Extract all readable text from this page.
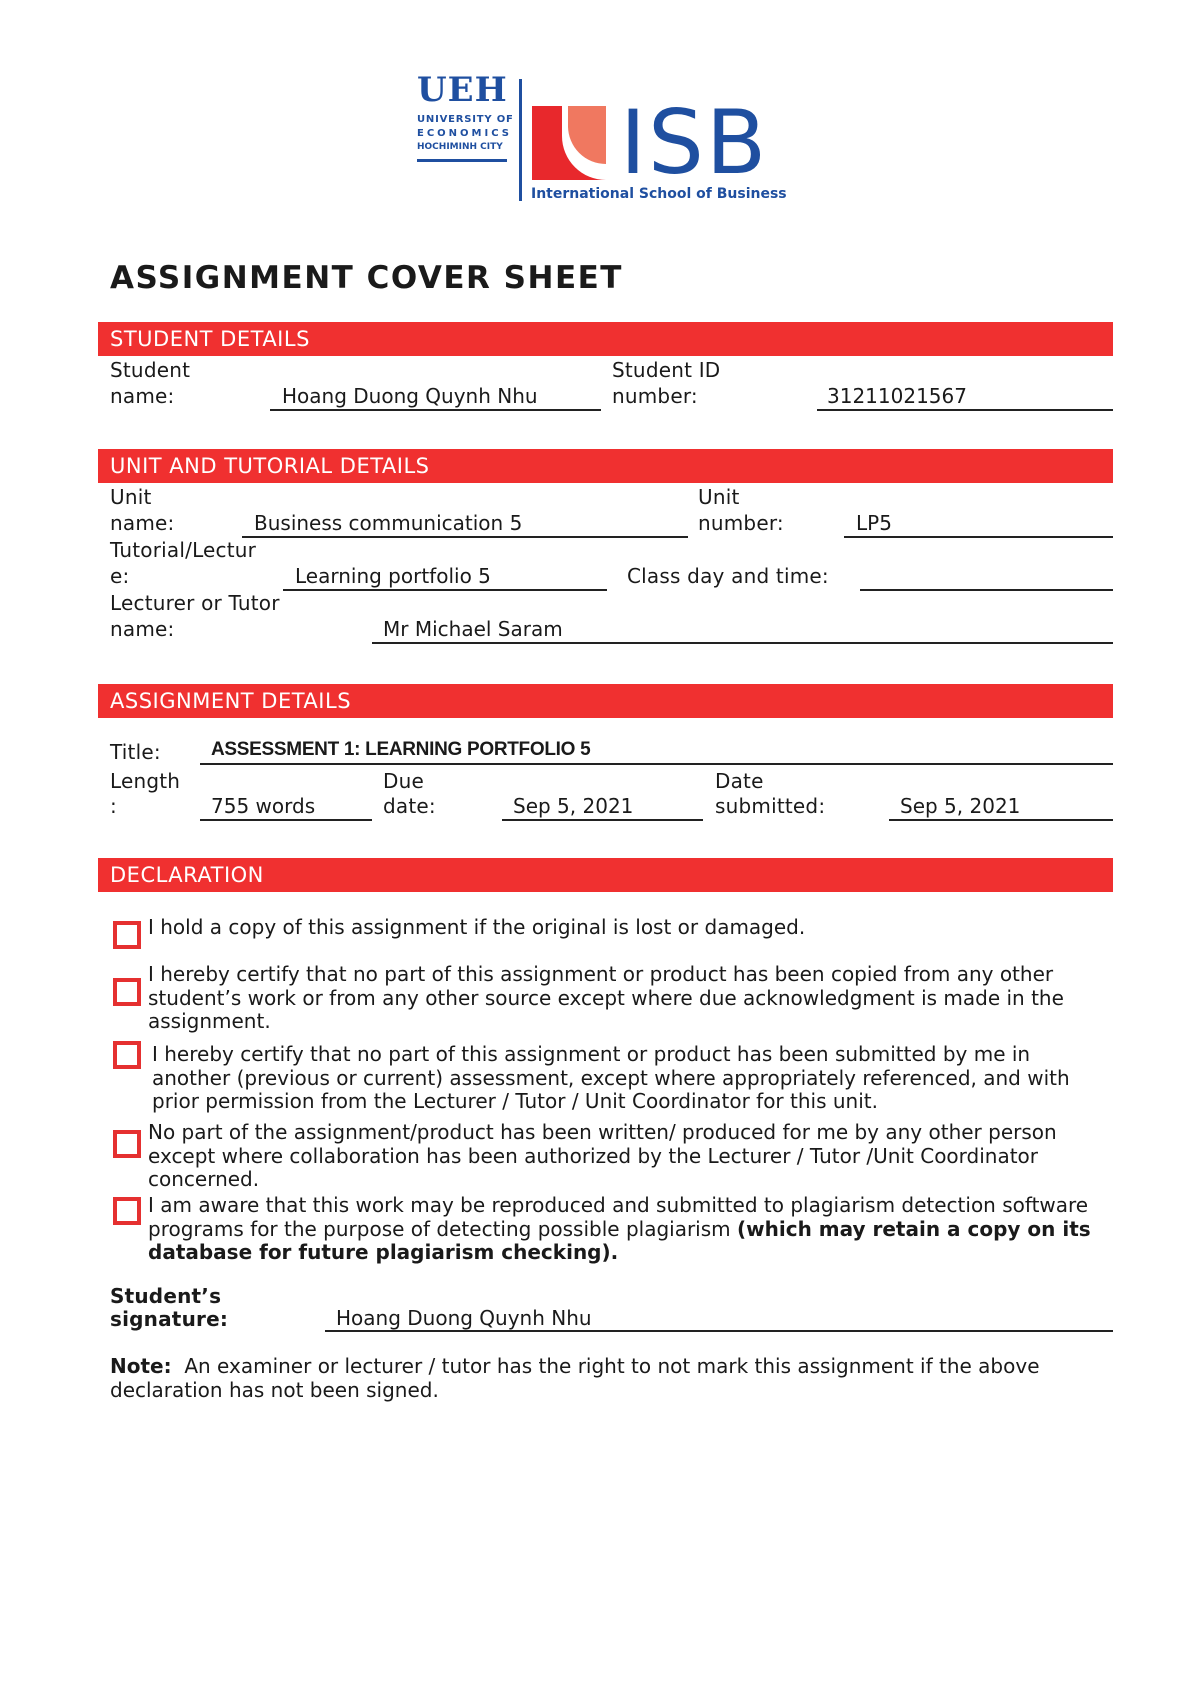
UEH
UNIVERSITY OF
ECONOMICS
HOCHIMINH CITY ISB
International School of Business
ASSIGNMENT COVER SHEET
STUDENT DETAILS
Student
name:	Hoang Duong Quynh Nhu
Student ID
number:	31211021567
UNIT AND TUTORIAL DETAILS
Unit
name:	Business communication 5
Unit
number:	LP5
Tutorial/Lectur
e:	Learning portfolio 5	Class day and time:

Lecturer or Tutor
name:	Mr Michael Saram
ASSIGNMENT DETAILS
Title:	ASSESSMENT 1: LEARNING PORTFOLIO 5
Length
:	755 words
Due
date:	Sep 5, 2021
Date
submitted:	Sep 5, 2021
DECLARATION
I hold a copy of this assignment if the original is lost or damaged.
I hereby certify that no part of this assignment or product has been copied from any other student’s work or from any other source except where due acknowledgment is made in the assignment.
I hereby certify that no part of this assignment or product has been submitted by me in another (previous or current) assessment, except where appropriately referenced, and with prior permission from the Lecturer / Tutor / Unit Coordinator for this unit.
No part of the assignment/product has been written/ produced for me by any other person except where collaboration has been authorized by the Lecturer / Tutor /Unit Coordinator concerned.
I am aware that this work may be reproduced and submitted to plagiarism detection software programs for the purpose of detecting possible plagiarism (which may retain a copy on its database for future plagiarism checking).
Student’s
signature:	Hoang Duong Quynh Nhu
Note: An examiner or lecturer / tutor has the right to not mark this assignment if the above declaration has not been signed.
